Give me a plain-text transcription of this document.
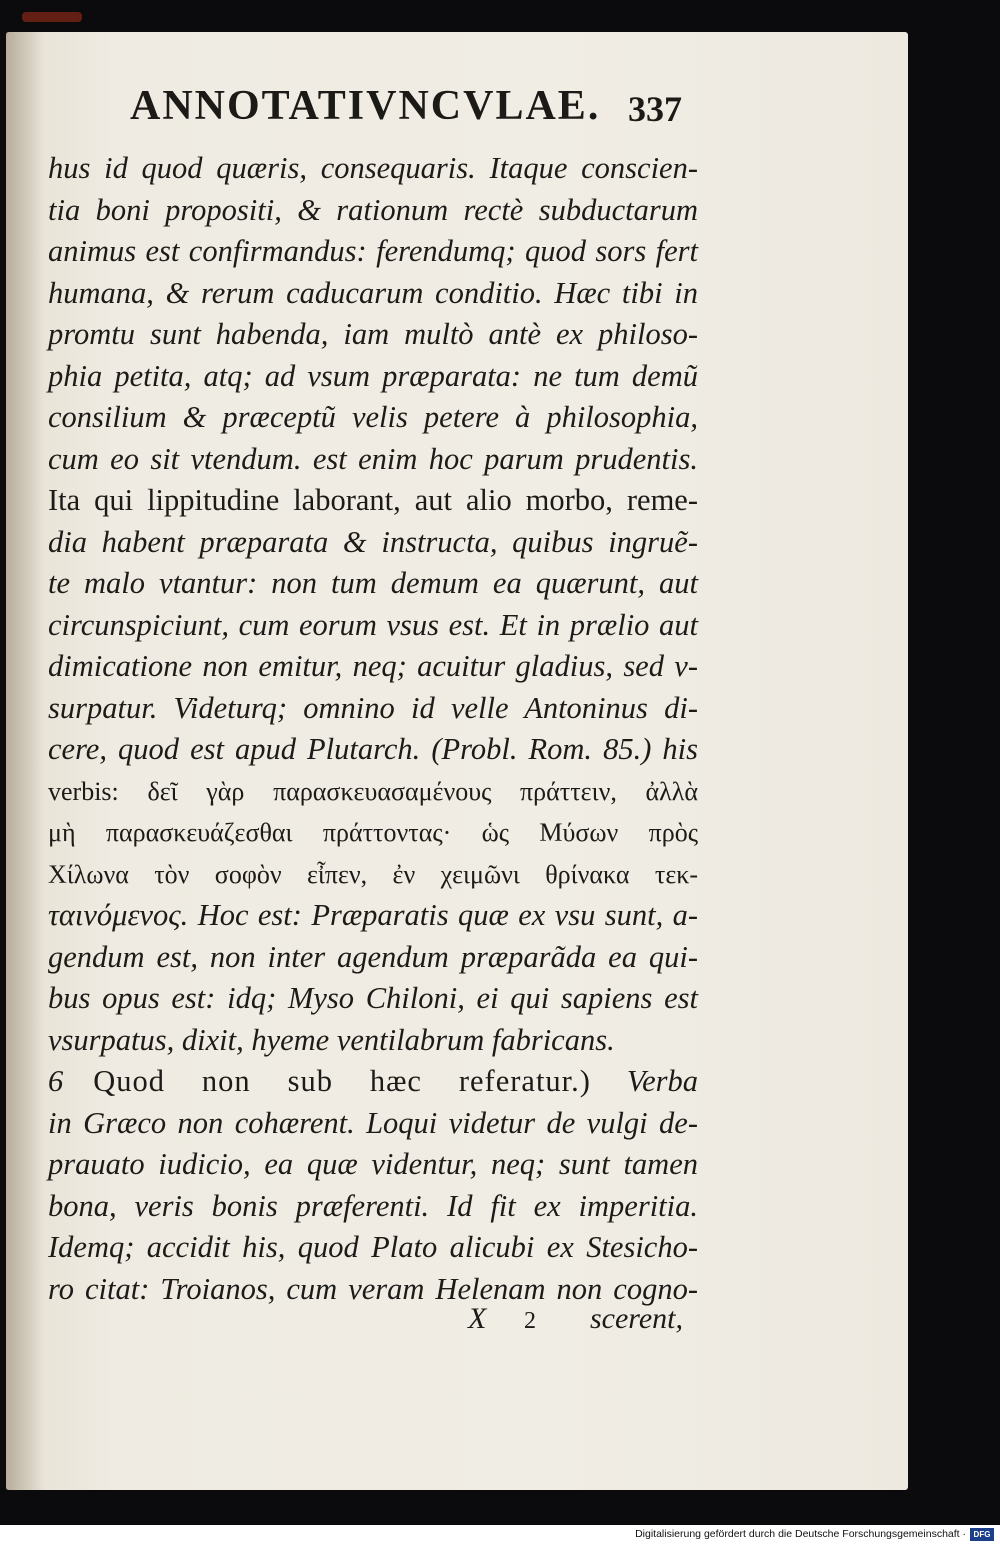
ANNOTATIVNCVLAE. 337
hus id quod quæris, consequaris. Itaque conscien-
tia boni propositi, & rationum rectè subductarum
animus est confirmandus: ferendumq; quod sors fert
humana, & rerum caducarum conditio. Hæc tibi in
promtu sunt habenda, iam multò antè ex philoso-
phia petita, atq; ad vsum præparata: ne tum demũ
consilium & præceptũ velis petere à philosophia,
cum eo sit vtendum. est enim hoc parum prudentis.
Ita qui lippitudine laborant, aut alio morbo, reme-
dia habent præparata & instructa, quibus ingruẽ-
te malo vtantur: non tum demum ea quærunt, aut
circunspiciunt, cum eorum vsus est. Et in prælio aut
dimicatione non emitur, neq; acuitur gladius, sed v-
surpatur. Videturq; omnino id velle Antoninus di-
cere, quod est apud Plutarch. (Probl. Rom. 85.) his
verbis: δεῖ γὰρ παρασκευασαμένους πράττειν, ἀλλὰ
μὴ παρασκευάζεσθαι πράττοντας· ὡς Μύσων πρὸς
Χίλωνα τὸν σοφὸν εἶπεν, ἐν χειμῶνι θρίνακα τεκ-
ταινόμενος. Hoc est: Præparatis quæ ex vsu sunt, a-
gendum est, non inter agendum præparãda ea qui-
bus opus est: idq; Myso Chiloni, ei qui sapiens est
vsurpatus, dixit, hyeme ventilabrum fabricans.
6 Quod non sub hæc referatur.) Verba
in Græco non cohærent. Loqui videtur de vulgi de-
prauato iudicio, ea quæ videntur, neq; sunt tamen
bona, veris bonis præferenti. Id fit ex imperitia.
Idemq; accidit his, quod Plato alicubi ex Stesicho-
ro citat: Troianos, cum veram Helenam non cogno-
X 2 scerent,
Digitalisierung gefördert durch die Deutsche Forschungsgemeinschaft · DFG
